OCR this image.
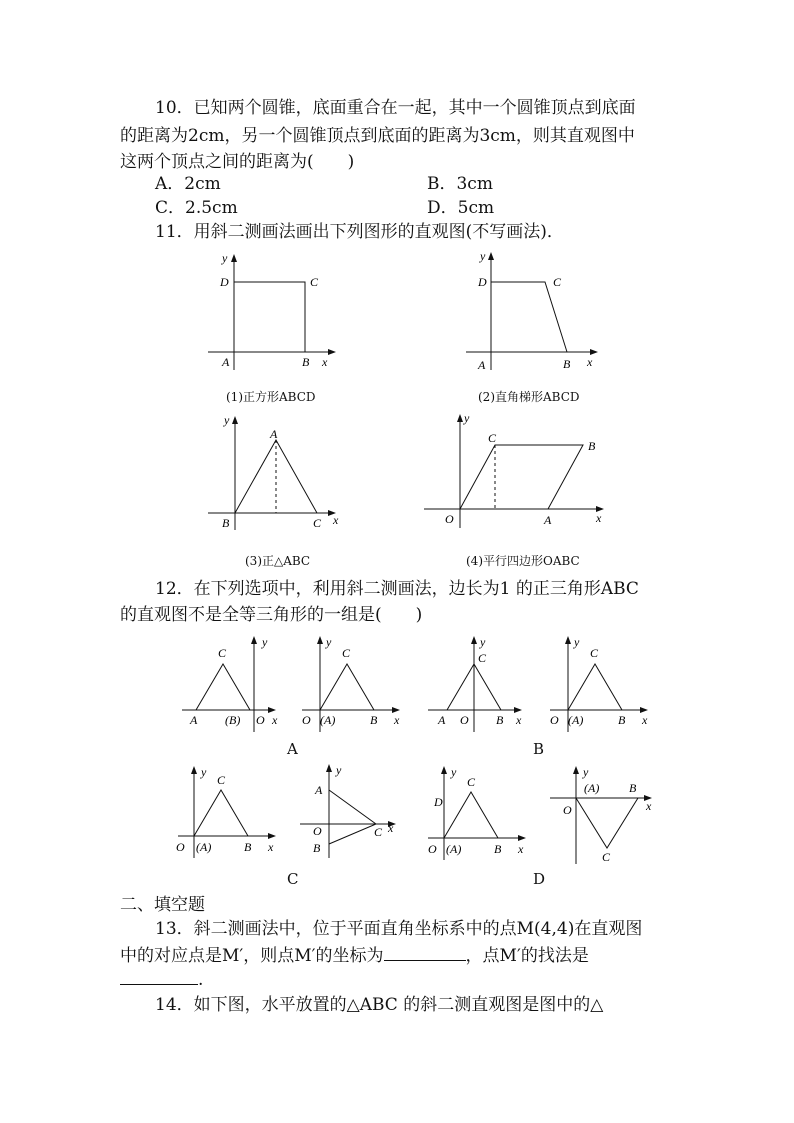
10．已知两个圆锥，底面重合在一起，其中一个圆锥顶点到底面
的距离为2cm，另一个圆锥顶点到底面的距离为3cm，则其直观图中
这两个顶点之间的距离为(　　)
A．2cm	B．3cm
C．2.5cm	D．5cm
11．用斜二测画法画出下列图形的直观图(不写画法)．
y
D	C
A	B x
(1)正方形ABCD
y
D	C
A	B x
(2)直角梯形ABCD
y
A
B	C x
(3)正△ABC
y
C
B
O	A	x
(4)平行四边形OABC
12．在下列选项中，利用斜二测画法，边长为1 的正三角形ABC
的直观图不是全等三角形的一组是(　　)
y
C
A (B) O x
y
C
O (A)	B x
A
y
C
A O B x
y
C
O (A)	B x
B
y
C
O (A)	B x
y
A
O	C x
B
C
y
C
D
O (A)	B x
y
(A) B
x
O
C
D
二、填空题
13．斜二测画法中，位于平面直角坐标系中的点M(4,4)在直观图
中的对应点是M′，则点M′的坐标为	，点M′的找法是
.
14．如下图，水平放置的△ABC 的斜二测直观图是图中的△
